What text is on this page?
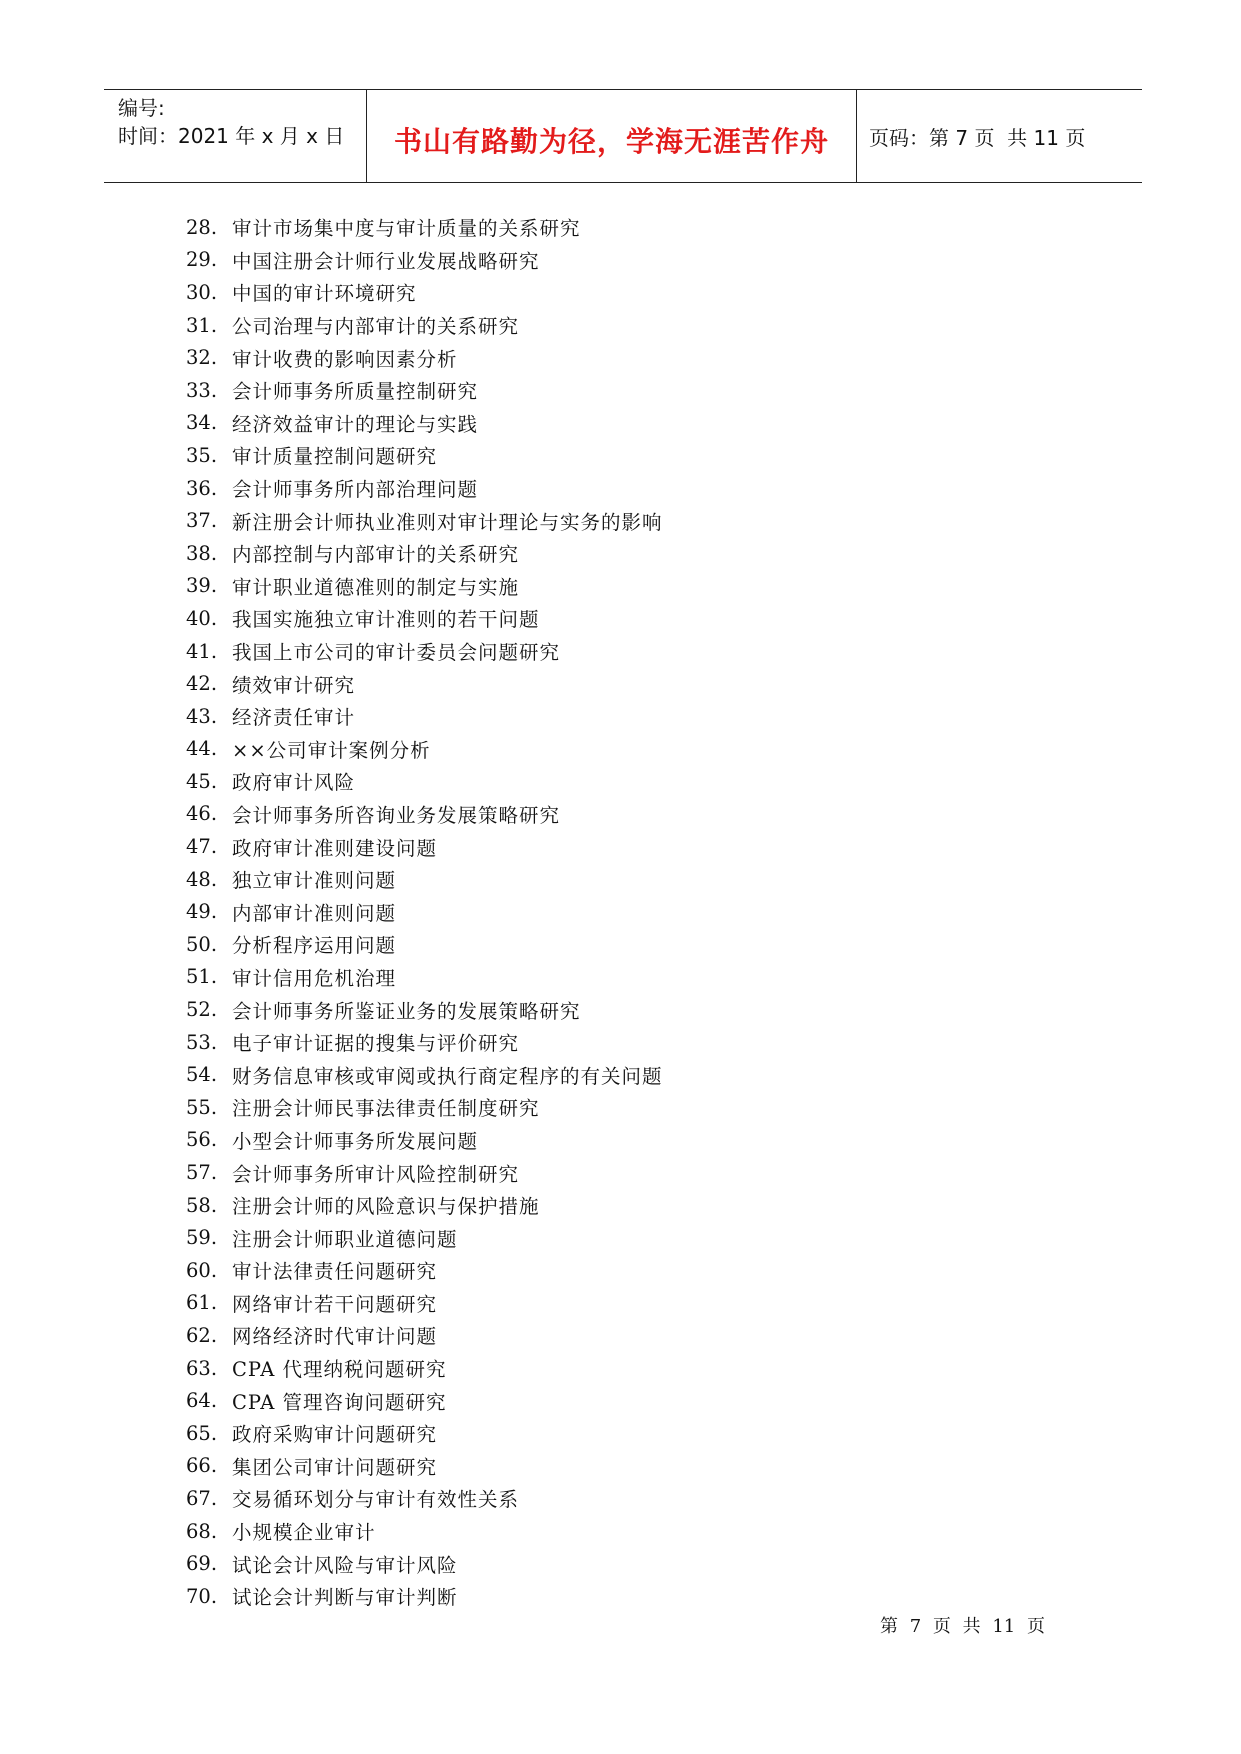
编号:
时间：2021 年 x 月 x 日	书山有路勤为径，学海无涯苦作舟 页码：第 7 页  共 11 页
28. 审计市场集中度与审计质量的关系研究
29. 中国注册会计师行业发展战略研究
30. 中国的审计环境研究
31. 公司治理与内部审计的关系研究
32. 审计收费的影响因素分析
33. 会计师事务所质量控制研究
34. 经济效益审计的理论与实践
35. 审计质量控制问题研究
36. 会计师事务所内部治理问题
37. 新注册会计师执业准则对审计理论与实务的影响
38. 内部控制与内部审计的关系研究
39. 审计职业道德准则的制定与实施
40. 我国实施独立审计准则的若干问题
41. 我国上市公司的审计委员会问题研究
42. 绩效审计研究
43. 经济责任审计
44. ××公司审计案例分析
45. 政府审计风险
46. 会计师事务所咨询业务发展策略研究
47. 政府审计准则建设问题
48. 独立审计准则问题
49. 内部审计准则问题
50. 分析程序运用问题
51. 审计信用危机治理
52. 会计师事务所鉴证业务的发展策略研究
53. 电子审计证据的搜集与评价研究
54. 财务信息审核或审阅或执行商定程序的有关问题
55. 注册会计师民事法律责任制度研究
56. 小型会计师事务所发展问题
57. 会计师事务所审计风险控制研究
58. 注册会计师的风险意识与保护措施
59. 注册会计师职业道德问题
60. 审计法律责任问题研究
61. 网络审计若干问题研究
62. 网络经济时代审计问题
63. CPA 代理纳税问题研究
64. CPA 管理咨询问题研究
65. 政府采购审计问题研究
66. 集团公司审计问题研究
67. 交易循环划分与审计有效性关系
68. 小规模企业审计
69. 试论会计风险与审计风险
70. 试论会计判断与审计判断
第 7 页 共 11 页
